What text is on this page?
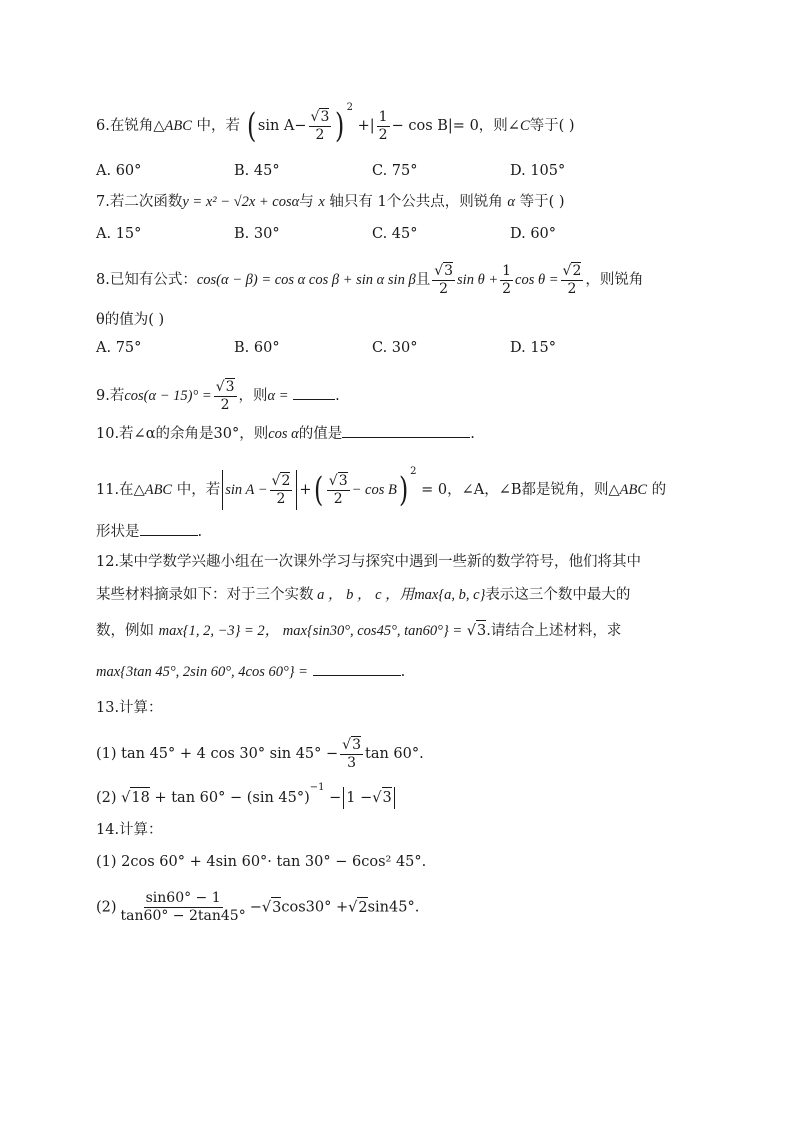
6.在锐角△ABC 中，若 ( $\sin A- \frac{√3}{2}$ ) $^2$ +| $\frac{1}{2} - \cos B|= 0$，则∠C等于( )
A. 60°	B. 45°	C. 75°	D. 105°
7.若二次函数y = x² − √2x + cosα与 x 轴只有 1个公共点，则锐角 α 等于( )
A. 15°	B. 30°	C. 45°	D. 60°
8.已知有公式：cos(α − β) = cos α cos β + sin α sin β且 $\frac{√3}{2}$ $\sin \theta + \frac{1}{2}$ $\cos \theta = \frac{√2}{2}$ ，则锐角
θ的值为( )
A. 75°	B. 60°	C. 30°	D. 15°
9.若$\cos(\alpha - 15)^\circ = \frac{√3}{2}$ ，则α =	.
10.若∠α的余角是30°，则cos α的值是	.
11.在△ABC 中，若 $\sin A - \frac{√2}{2}$ +( $\frac{√3}{2} - \cos B$) $^2$ = 0，∠A，∠B都是锐角，则△ABC 的
形状是	.
12.某中学数学兴趣小组在一次课外学习与探究中遇到一些新的数学符号，他们将其中
某些材料摘录如下：对于三个实数 a ， b ， c ，用max{a, b, c}表示这三个数中最大的
数，例如 max{1, 2, −3} = 2， max{sin30°, cos45°, tan60°} = √3.请结合上述材料，求
max{3tan 45°, 2sin 60°, 4cos 60°} =	.
13.计算：
(1) tan 45° + 4 cos 30° $\sin 45^\circ - \frac{√3}{3}$ tan 60°.
(2) √18 + tan 60° − (sin 45°)$^{-1}$ − 1 −√3
14.计算：
(1) 2cos 60° + 4sin 60°· tan 30° − 6cos² 45°.
$(2) \frac{\sin 60^\circ - 1}{\tan 60^\circ - 2\tan 45^\circ} -√3\cos 30^\circ +√2\sin 45^\circ$.
